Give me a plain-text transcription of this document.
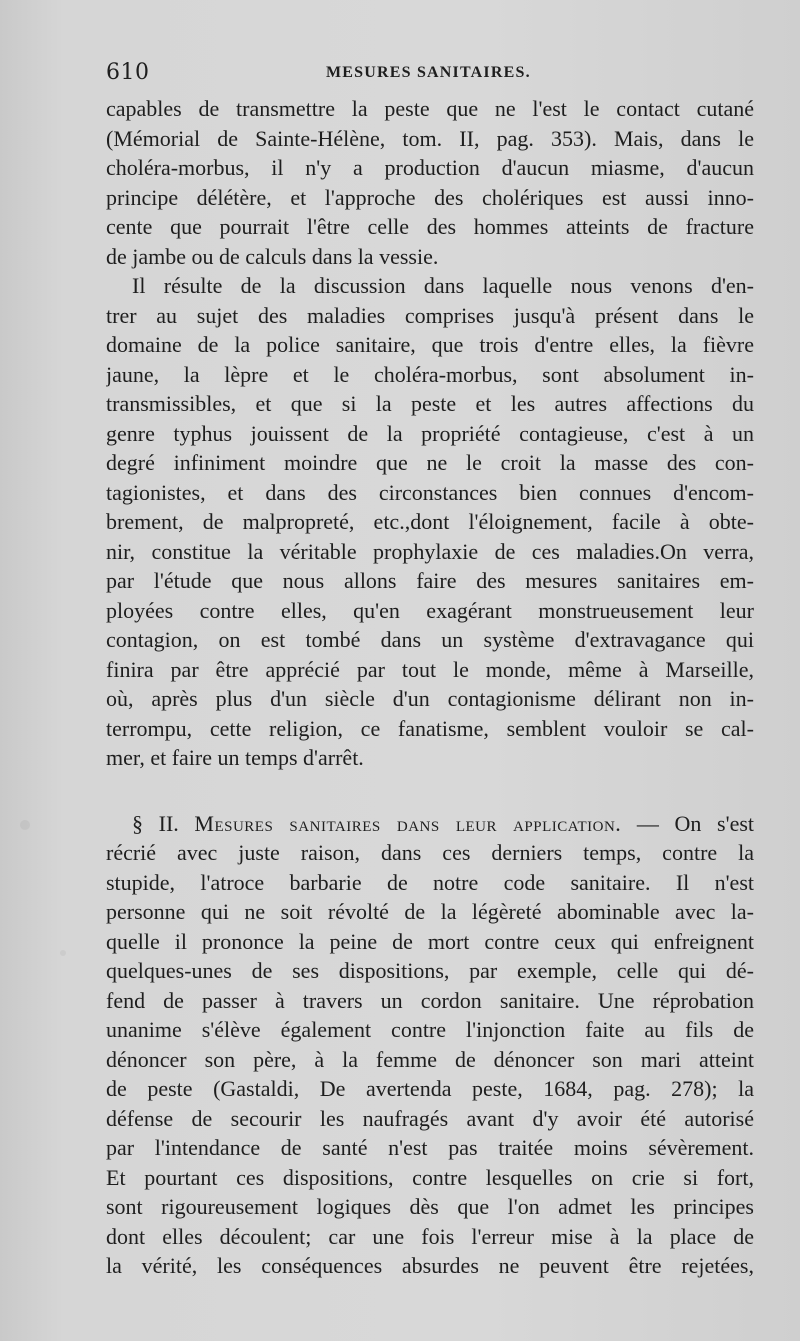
610	MESURES SANITAIRES.
capables de transmettre la peste que ne l'est le contact cutané
(Mémorial de Sainte-Hélène, tom. II, pag. 353). Mais, dans le
choléra-morbus, il n'y a production d'aucun miasme, d'aucun
principe délétère, et l'approche des cholériques est aussi inno-
cente que pourrait l'être celle des hommes atteints de fracture
de jambe ou de calculs dans la vessie.
Il résulte de la discussion dans laquelle nous venons d'en-
trer au sujet des maladies comprises jusqu'à présent dans le
domaine de la police sanitaire, que trois d'entre elles, la fièvre
jaune, la lèpre et le choléra-morbus, sont absolument in-
transmissibles, et que si la peste et les autres affections du
genre typhus jouissent de la propriété contagieuse, c'est à un
degré infiniment moindre que ne le croit la masse des con-
tagionistes, et dans des circonstances bien connues d'encom-
brement, de malpropreté, etc.,dont l'éloignement, facile à obte-
nir, constitue la véritable prophylaxie de ces maladies.On verra,
par l'étude que nous allons faire des mesures sanitaires em-
ployées contre elles, qu'en exagérant monstrueusement leur
contagion, on est tombé dans un système d'extravagance qui
finira par être apprécié par tout le monde, même à Marseille,
où, après plus d'un siècle d'un contagionisme délirant non in-
terrompu, cette religion, ce fanatisme, semblent vouloir se cal-
mer, et faire un temps d'arrêt.
§ II. Mesures sanitaires dans leur application. — On s'est
récrié avec juste raison, dans ces derniers temps, contre la
stupide, l'atroce barbarie de notre code sanitaire. Il n'est
personne qui ne soit révolté de la légèreté abominable avec la-
quelle il prononce la peine de mort contre ceux qui enfreignent
quelques-unes de ses dispositions, par exemple, celle qui dé-
fend de passer à travers un cordon sanitaire. Une réprobation
unanime s'élève également contre l'injonction faite au fils de
dénoncer son père, à la femme de dénoncer son mari atteint
de peste (Gastaldi, De avertenda peste, 1684, pag. 278); la
défense de secourir les naufragés avant d'y avoir été autorisé
par l'intendance de santé n'est pas traitée moins sévèrement.
Et pourtant ces dispositions, contre lesquelles on crie si fort,
sont rigoureusement logiques dès que l'on admet les principes
dont elles découlent; car une fois l'erreur mise à la place de
la vérité, les conséquences absurdes ne peuvent être rejetées,
